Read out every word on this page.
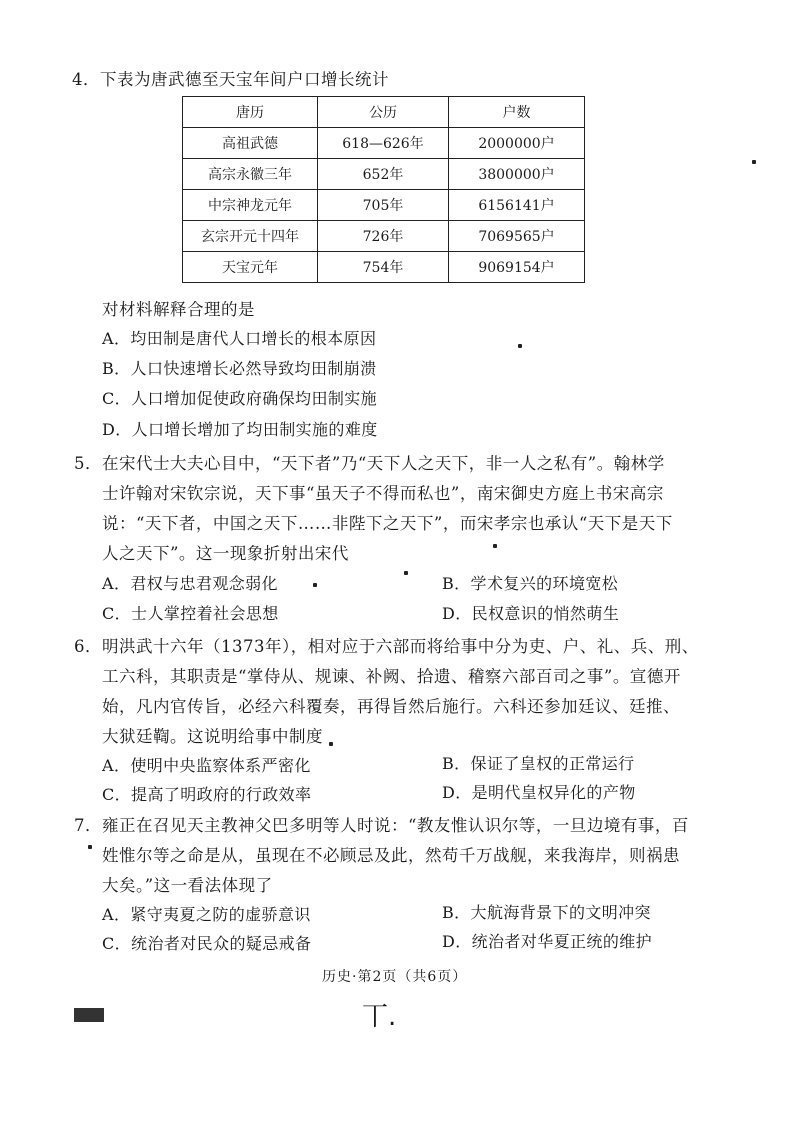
4．下表为唐武德至天宝年间户口增长统计
唐历	公历	户数
高祖武德	618—626年	2000000户
高宗永徽三年	652年	3800000户
中宗神龙元年	705年	6156141户
玄宗开元十四年	726年	7069565户
天宝元年	754年	9069154户
对材料解释合理的是
A．均田制是唐代人口增长的根本原因
B．人口快速增长必然导致均田制崩溃
C．人口增加促使政府确保均田制实施
D．人口增长增加了均田制实施的难度
5．在宋代士大夫心目中，“天下者”乃“天下人之天下，非一人之私有”。翰林学
士许翰对宋钦宗说，天下事“虽天子不得而私也”，南宋御史方庭上书宋高宗
说：“天下者，中国之天下……非陛下之天下”，而宋孝宗也承认“天下是天下
人之天下”。这一现象折射出宋代
A．君权与忠君观念弱化	B．学术复兴的环境宽松
C．士人掌控着社会思想	D．民权意识的悄然萌生
6．明洪武十六年（1373年），相对应于六部而将给事中分为吏、户、礼、兵、刑、
工六科，其职责是“掌侍从、规谏、补阙、拾遗、稽察六部百司之事”。宣德开
始，凡内官传旨，必经六科覆奏，再得旨然后施行。六科还参加廷议、廷推、
大狱廷鞫。这说明给事中制度
A．使明中央监察体系严密化	B．保证了皇权的正常运行
C．提高了明政府的行政效率	D．是明代皇权异化的产物
7．雍正在召见天主教神父巴多明等人时说：“教友惟认识尔等，一旦边境有事，百
姓惟尔等之命是从，虽现在不必顾忌及此，然苟千万战舰，来我海岸，则祸患
大矣。”这一看法体现了
A．紧守夷夏之防的虚骄意识	B．大航海背景下的文明冲突
C．统治者对民众的疑忌戒备	D．统治者对华夏正统的维护
历史·第2页（共6页）
丅.
